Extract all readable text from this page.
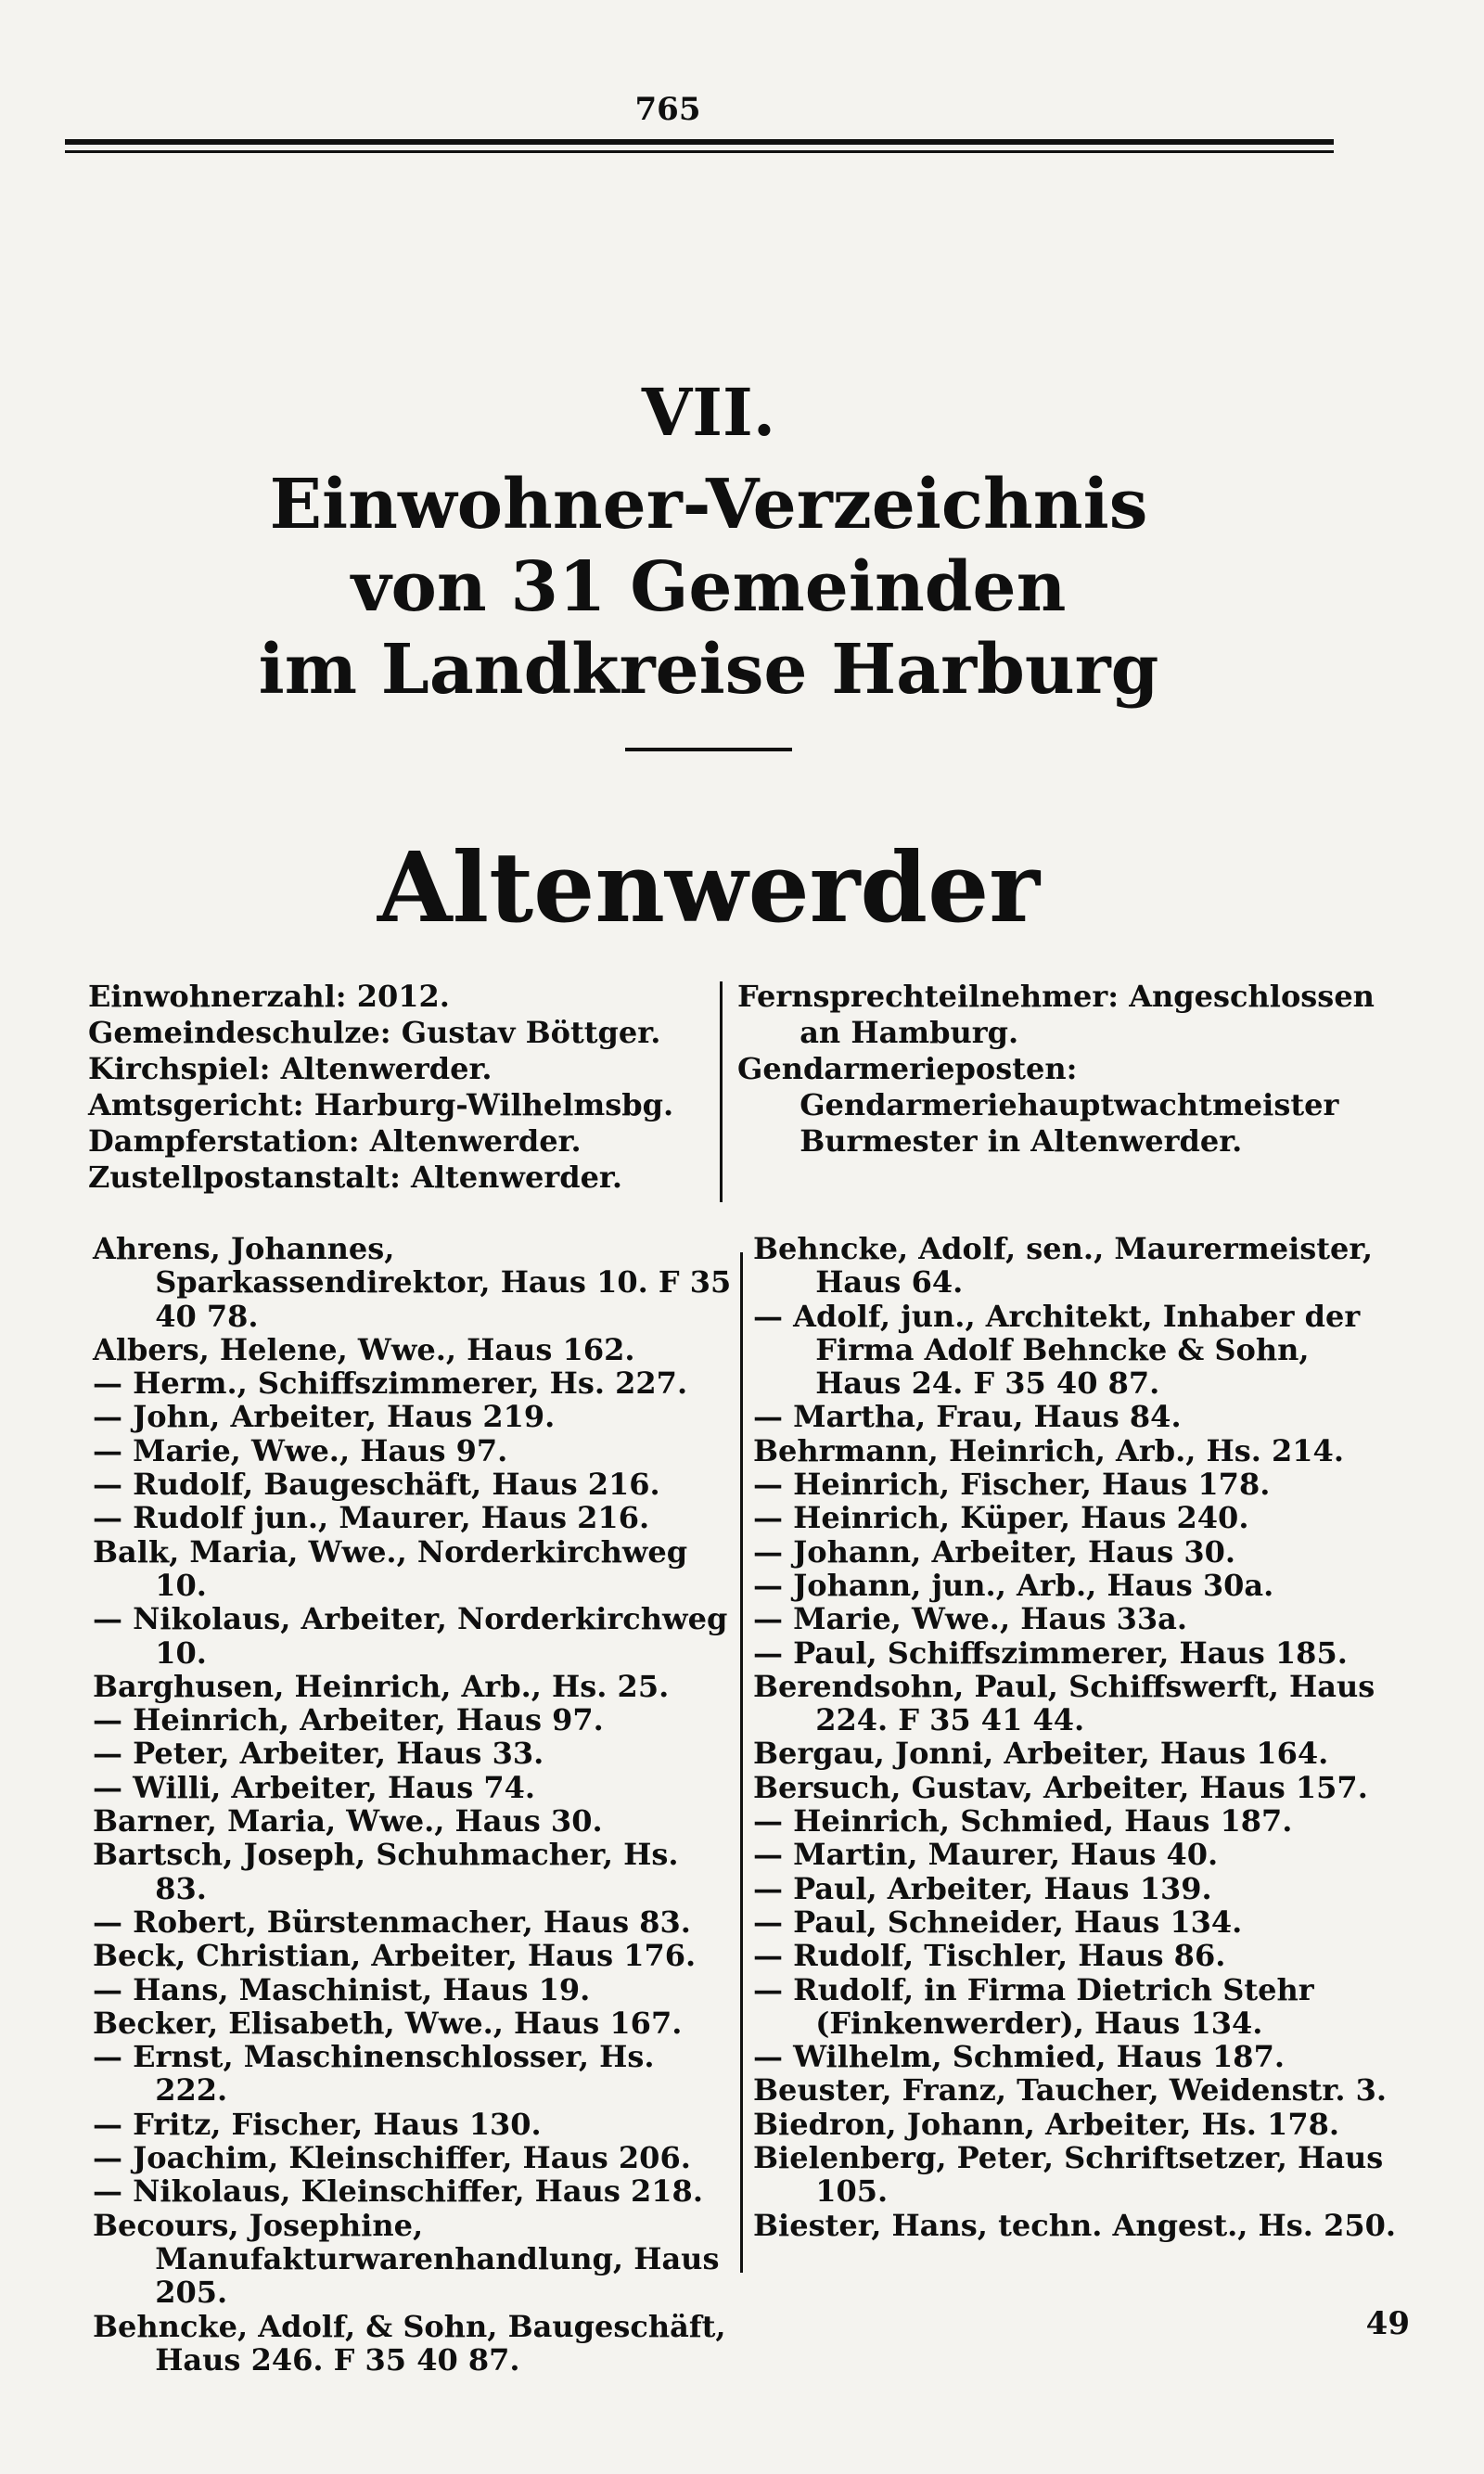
765

VII.

Einwohner-Verzeichnis
von 31 Gemeinden
im Landkreise Harburg

Altenwerder

Einwohnerzahl: 2012.

Gemeindeschulze: Gustav Böttger.

Kirchspiel: Altenwerder.

Amtsgericht: Harburg-Wilhelmsbg.

Dampferstation: Altenwerder.

Zustellpostanstalt: Altenwerder.

Fernsprechteilnehmer: Angeschlossen an Hamburg.

Gendarmerieposten: Gendarmeriehauptwachtmeister Burmester in Altenwerder.

Ahrens, Johannes, Sparkassendirektor, Haus 10. F 35 40 78.

Albers, Helene, Wwe., Haus 162.

— Herm., Schiffszimmerer, Hs. 227.

— John, Arbeiter, Haus 219.

— Marie, Wwe., Haus 97.

— Rudolf, Baugeschäft, Haus 216.

— Rudolf jun., Maurer, Haus 216.

Balk, Maria, Wwe., Norderkirchweg 10.

— Nikolaus, Arbeiter, Norderkirchweg 10.

Barghusen, Heinrich, Arb., Hs. 25.

— Heinrich, Arbeiter, Haus 97.

— Peter, Arbeiter, Haus 33.

— Willi, Arbeiter, Haus 74.

Barner, Maria, Wwe., Haus 30.

Bartsch, Joseph, Schuhmacher, Hs. 83.

— Robert, Bürstenmacher, Haus 83.

Beck, Christian, Arbeiter, Haus 176.

— Hans, Maschinist, Haus 19.

Becker, Elisabeth, Wwe., Haus 167.

— Ernst, Maschinenschlosser, Hs. 222.

— Fritz, Fischer, Haus 130.

— Joachim, Kleinschiffer, Haus 206.

— Nikolaus, Kleinschiffer, Haus 218.

Becours, Josephine, Manufakturwarenhandlung, Haus 205.

Behncke, Adolf, & Sohn, Baugeschäft, Haus 246. F 35 40 87.

Behncke, Adolf, sen., Maurermeister, Haus 64.

— Adolf, jun., Architekt, Inhaber der Firma Adolf Behncke & Sohn, Haus 24. F 35 40 87.

— Martha, Frau, Haus 84.

Behrmann, Heinrich, Arb., Hs. 214.

— Heinrich, Fischer, Haus 178.

— Heinrich, Küper, Haus 240.

— Johann, Arbeiter, Haus 30.

— Johann, jun., Arb., Haus 30a.

— Marie, Wwe., Haus 33a.

— Paul, Schiffszimmerer, Haus 185.

Berendsohn, Paul, Schiffswerft, Haus 224. F 35 41 44.

Bergau, Jonni, Arbeiter, Haus 164.

Bersuch, Gustav, Arbeiter, Haus 157.

— Heinrich, Schmied, Haus 187.

— Martin, Maurer, Haus 40.

— Paul, Arbeiter, Haus 139.

— Paul, Schneider, Haus 134.

— Rudolf, Tischler, Haus 86.

— Rudolf, in Firma Dietrich Stehr (Finkenwerder), Haus 134.

— Wilhelm, Schmied, Haus 187.

Beuster, Franz, Taucher, Weidenstr. 3.

Biedron, Johann, Arbeiter, Hs. 178.

Bielenberg, Peter, Schriftsetzer, Haus 105.

Biester, Hans, techn. Angest., Hs. 250.

49
